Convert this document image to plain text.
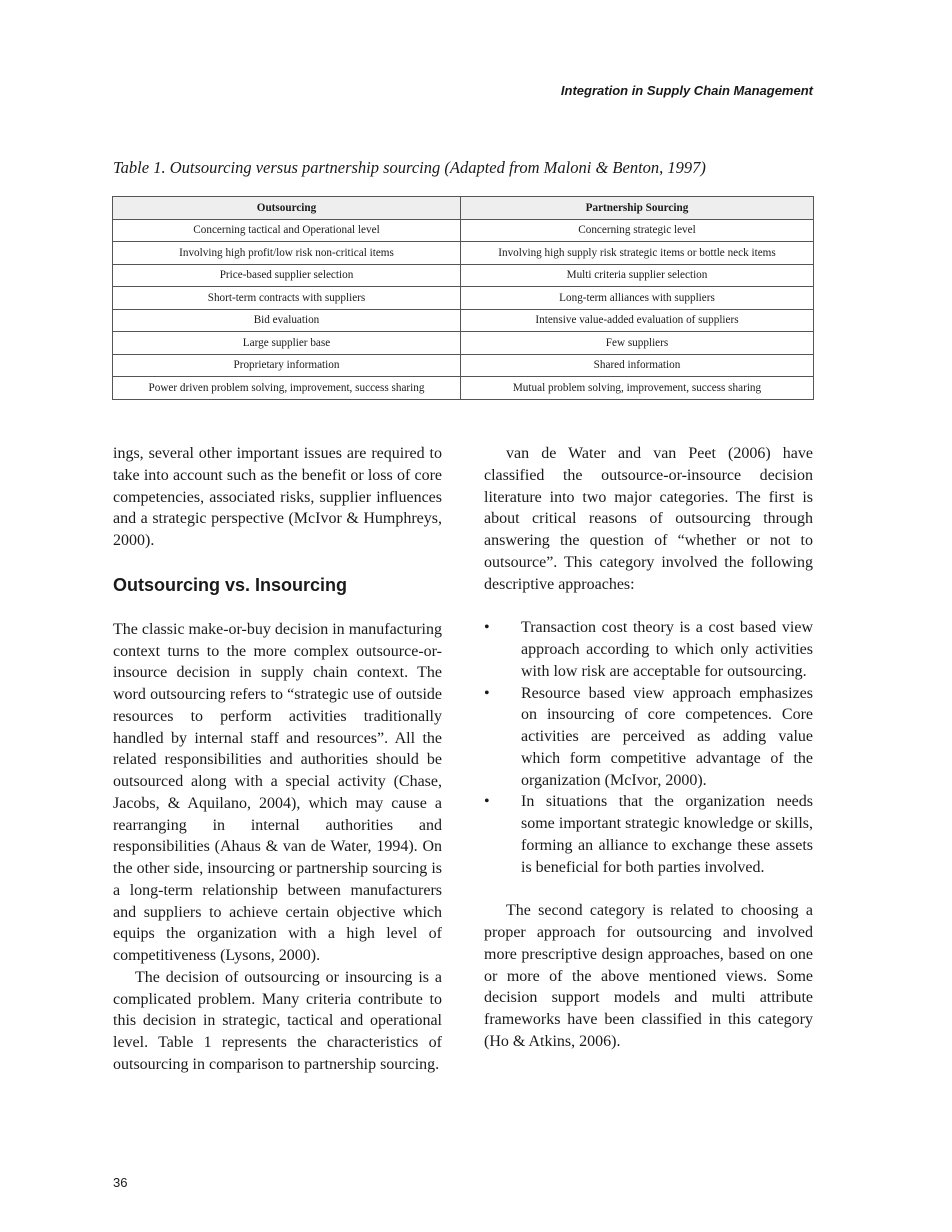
Integration in Supply Chain Management
Table 1. Outsourcing versus partnership sourcing (Adapted from Maloni & Benton, 1997)
Outsourcing	Partnership Sourcing
Concerning tactical and Operational level	Concerning strategic level
Involving high profit/low risk non-critical items	Involving high supply risk strategic items or bottle neck items
Price-based supplier selection	Multi criteria supplier selection
Short-term contracts with suppliers	Long-term alliances with suppliers
Bid evaluation	Intensive value-added evaluation of suppliers
Large supplier base	Few suppliers
Proprietary information	Shared information
Power driven problem solving, improvement, success sharing	Mutual problem solving, improvement, success sharing

ings, several other important issues are required to take into account such as the benefit or loss of core competencies, associated risks, supplier influences and a strategic perspective (McIvor & Humphreys, 2000).

Outsourcing vs. Insourcing

The classic make-or-buy decision in manufacturing context turns to the more complex outsource-or-insource decision in supply chain context. The word outsourcing refers to “strategic use of outside resources to perform activities traditionally handled by internal staff and resources”. All the related responsibilities and authorities should be outsourced along with a special activity (Chase, Jacobs, & Aquilano, 2004), which may cause a rearranging in internal authorities and responsibilities (Ahaus & van de Water, 1994). On the other side, insourcing or partnership sourcing is a long-term relationship between manufacturers and suppliers to achieve certain objective which equips the organization with a high level of competitiveness (Lysons, 2000).

The decision of outsourcing or insourcing is a complicated problem. Many criteria contribute to this decision in strategic, tactical and operational level. Table 1 represents the characteristics of outsourcing in comparison to partnership sourcing.

van de Water and van Peet (2006) have classified the outsource-or-insource decision literature into two major categories. The first is about critical reasons of outsourcing through answering the question of “whether or not to outsource”. This category involved the following descriptive approaches:

• Transaction cost theory is a cost based view approach according to which only activities with low risk are acceptable for outsourcing.
• Resource based view approach emphasizes on insourcing of core competences. Core activities are perceived as adding value which form competitive advantage of the organization (McIvor, 2000).
• In situations that the organization needs some important strategic knowledge or skills, forming an alliance to exchange these assets is beneficial for both parties involved.

The second category is related to choosing a proper approach for outsourcing and involved more prescriptive design approaches, based on one or more of the above mentioned views. Some decision support models and multi attribute frameworks have been classified in this category (Ho & Atkins, 2006).

36
